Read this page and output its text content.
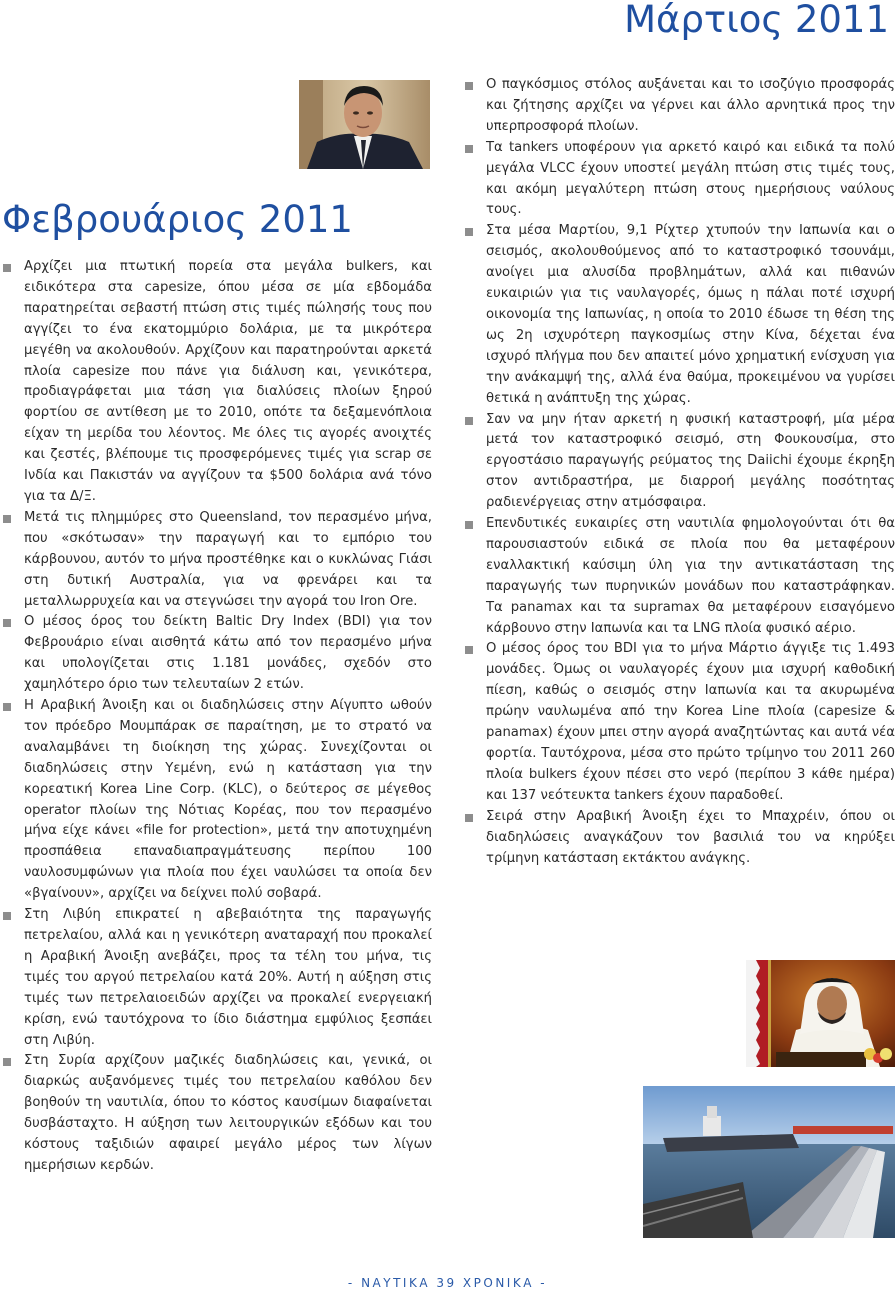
Μάρτιος 2011
Φεβρουάριος 2011
Αρχίζει μια πτωτική πορεία στα μεγάλα bulkers, και ειδικότερα στα capesize, όπου μέσα σε μία εβδομάδα παρατηρείται σεβαστή πτώση στις τιμές πώλησής τους που αγγίζει το ένα εκατομμύριο δολάρια, με τα μικρότερα μεγέθη να ακολουθούν. Αρχίζουν και παρατηρούνται αρκετά πλοία capesize που πάνε για διάλυση και, γενικότερα, προδιαγράφεται μια τάση για διαλύσεις πλοίων ξηρού φορτίου σε αντίθεση με το 2010, οπότε τα δεξαμενόπλοια είχαν τη μερίδα του λέοντος. Με όλες τις αγορές ανοιχτές και ζεστές, βλέπουμε τις προσφερόμενες τιμές για scrap σε Ινδία και Πακιστάν να αγγίζουν τα $500 δολάρια ανά τόνο για τα Δ/Ξ.
Μετά τις πλημμύρες στο Queensland, τον περασμένο μήνα, που «σκότωσαν» την παραγωγή και το εμπόριο του κάρβουνου, αυτόν το μήνα προστέθηκε και ο κυκλώνας Γιάσι στη δυτική Αυστραλία, για να φρενάρει και τα μεταλλωρρυχεία και να στεγνώσει την αγορά του Iron Ore.
Ο μέσος όρος του δείκτη Baltic Dry Index (BDI) για τον Φεβρουάριο είναι αισθητά κάτω από τον περασμένο μήνα και υπολογίζεται στις 1.181 μονάδες, σχεδόν στο χαμηλότερο όριο των τελευταίων 2 ετών.
Η Αραβική Άνοιξη και οι διαδηλώσεις στην Αίγυπτο ωθούν τον πρόεδρο Μουμπάρακ σε παραίτηση, με το στρατό να αναλαμβάνει τη διοίκηση της χώρας. Συνεχίζονται οι διαδηλώσεις στην Υεμένη, ενώ η κατάσταση για την κορεατική Korea Line Corp. (KLC), ο δεύτερος σε μέγεθος operator πλοίων της Νότιας Κορέας, που τον περασμένο μήνα είχε κάνει «file for protection», μετά την αποτυχημένη προσπάθεια επαναδιαπραγμάτευσης περίπου 100 ναυλοσυμφώνων για πλοία που έχει ναυλώσει τα οποία δεν «βγαίνουν», αρχίζει να δείχνει πολύ σοβαρά.
Στη Λιβύη επικρατεί η αβεβαιότητα της παραγωγής πετρελαίου, αλλά και η γενικότερη αναταραχή που προκαλεί η Αραβική Άνοιξη ανεβάζει, προς τα τέλη του μήνα, τις τιμές του αργού πετρελαίου κατά 20%. Αυτή η αύξηση στις τιμές των πετρελαιοειδών αρχίζει να προκαλεί ενεργειακή κρίση, ενώ ταυτόχρονα το ίδιο διάστημα εμφύλιος ξεσπάει στη Λιβύη.
Στη Συρία αρχίζουν μαζικές διαδηλώσεις και, γενικά, οι διαρκώς αυξανόμενες τιμές του πετρελαίου καθόλου δεν βοηθούν τη ναυτιλία, όπου το κόστος καυσίμων διαφαίνεται δυσβάσταχτο. Η αύξηση των λειτουργικών εξόδων και του κόστους ταξιδιών αφαιρεί μεγάλο μέρος των λίγων ημερήσιων κερδών.
Ο παγκόσμιος στόλος αυξάνεται και το ισοζύγιο προσφοράς και ζήτησης αρχίζει να γέρνει και άλλο αρνητικά προς την υπερπροσφορά πλοίων.
Τα tankers υποφέρουν για αρκετό καιρό και ειδικά τα πολύ μεγάλα VLCC έχουν υποστεί μεγάλη πτώση στις τιμές τους, και ακόμη μεγαλύτερη πτώση στους ημερήσιους ναύλους τους.
Στα μέσα Μαρτίου, 9,1 Ρίχτερ χτυπούν την Ιαπωνία και ο σεισμός, ακολουθούμενος από το καταστροφικό τσουνάμι, ανοίγει μια αλυσίδα προβλημάτων, αλλά και πιθανών ευκαιριών για τις ναυλαγορές, όμως η πάλαι ποτέ ισχυρή οικονομία της Ιαπωνίας, η οποία το 2010 έδωσε τη θέση της ως 2η ισχυρότερη παγκοσμίως στην Κίνα, δέχεται ένα ισχυρό πλήγμα που δεν απαιτεί μόνο χρηματική ενίσχυση για την ανάκαμψή της, αλλά ένα θαύμα, προκειμένου να γυρίσει θετικά η ανάπτυξη της χώρας.
Σαν να μην ήταν αρκετή η φυσική καταστροφή, μία μέρα μετά τον καταστροφικό σεισμό, στη Φουκουσίμα, στο εργοστάσιο παραγωγής ρεύματος της Daiichi έχουμε έκρηξη στον αντιδραστήρα, με διαρροή μεγάλης ποσότητας ραδιενέργειας στην ατμόσφαιρα.
Επενδυτικές ευκαιρίες στη ναυτιλία φημολογούνται ότι θα παρουσιαστούν ειδικά σε πλοία που θα μεταφέρουν εναλλακτική καύσιμη ύλη για την αντικατάσταση της παραγωγής των πυρηνικών μονάδων που καταστράφηκαν. Τα panamax και τα supramax θα μεταφέρουν εισαγόμενο κάρβουνο στην Ιαπωνία και τα LNG πλοία φυσικό αέριο.
Ο μέσος όρος του BDI για το μήνα Μάρτιο άγγιξε τις 1.493 μονάδες. Όμως οι ναυλαγορές έχουν μια ισχυρή καθοδική πίεση, καθώς ο σεισμός στην Ιαπωνία και τα ακυρωμένα πρώην ναυλωμένα από την Korea Line πλοία (capesize & panamax) έχουν μπει στην αγορά αναζητώντας και αυτά νέα φορτία. Ταυτόχρονα, μέσα στο πρώτο τρίμηνο του 2011 260 πλοία bulkers έχουν πέσει στο νερό (περίπου 3 κάθε ημέρα) και 137 νεότευκτα tankers έχουν παραδοθεί.
Σειρά στην Αραβική Άνοιξη έχει το Μπαχρέιν, όπου οι διαδηλώσεις αναγκάζουν τον βασιλιά του να κηρύξει τρίμηνη κατάσταση εκτάκτου ανάγκης.
- ΝΑΥΤΙΚΑ 39 ΧΡΟΝΙΚΑ -
